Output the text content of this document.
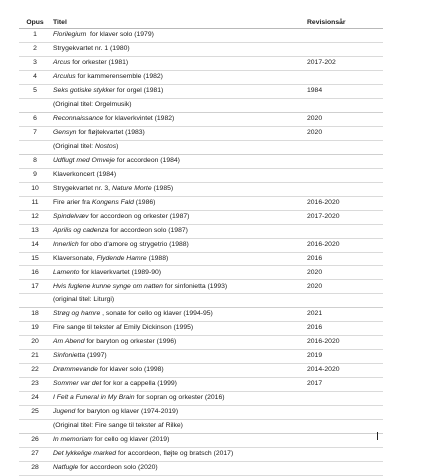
Opus	Titel	Revisionsår
1	Florilegium  for klaver solo (1979)	
2	Strygekvartet nr. 1 (1980)	
3	Arcus for orkester (1981)	2017-202
4	Arculus for kammerensemble (1982)	
5	Seks gotiske stykker for orgel (1981)	1984
	(Original titel: Orgelmusik)	
6	Reconnaissance for klaverkvintet (1982)	2020
7	Gensyn for fløjtekvartet (1983)	2020
	(Original titel: Nostos)	
8	Udflugt med Omveje for accordeon (1984)	
9	Klaverkoncert (1984)	
10	Strygekvartet nr. 3, Nature Morte (1985)	
11	Fire arier fra Kongens Fald (1986)	2016-2020
12	Spindelvæv for accordeon og orkester (1987)	2017-2020
13	Aprilis og cadenza for accordeon solo (1987)	
14	Innerlich for obo d'amore og strygetrio (1988)	2016-2020
15	Klaversonate, Flydende Hamre (1988)	2016
16	Lamento for klaverkvartet (1989-90)	2020
17	Hvis fuglene kunne synge om natten for sinfonietta (1993)	2020
	(original titel: Liturgi)	
18	Strøg og hamre , sonate for cello og klaver (1994-95)	2021
19	Fire sange til tekster af Emily Dickinson (1995)	2016
20	Am Abend for baryton og orkester (1996)	2016-2020
21	Sinfonietta (1997)	2019
22	Drømmevande for klaver solo (1998)	2014-2020
23	Sommer var det for kor a cappella (1999)	2017
24	I Felt a Funeral in My Brain for sopran og orkester (2016)	
25	Jugend for baryton og klaver (1974-2019)	
	(Original titel: Fire sange til tekster af Rilke)	
26	In memoriam for cello og klaver (2019)	
27	Det lykkelige marked for accordeon, fløjte og bratsch (2017)	
28	Natfugle for accordeon solo (2020)	
